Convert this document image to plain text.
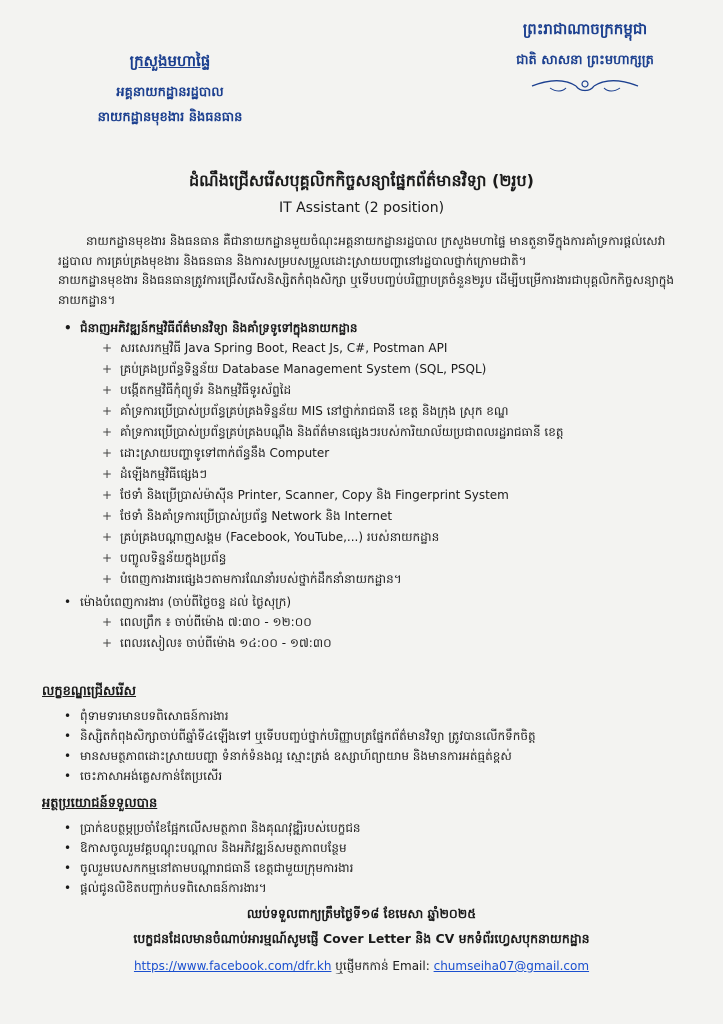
ក្រសួងមហាផ្ទៃ
អគ្គនាយកដ្ឋានរដ្ឋបាល
នាយកដ្ឋានមុខងារ និងធនធាន
ព្រះរាជាណាចក្រកម្ពុជា
ជាតិ សាសនា ព្រះមហាក្សត្រ
ដំណឹងជ្រើសរើសបុគ្គលិកកិច្ចសន្យាផ្នែកព័ត៌មានវិទ្យា (២រូប)
IT Assistant (2 position)

នាយកដ្ឋានមុខងារ និងធនធាន គឺជានាយកដ្ឋានមួយចំណុះអគ្គនាយកដ្ឋានរដ្ឋបាល ក្រសួងមហាផ្ទៃ មានតួនាទីក្នុងការគាំទ្រការផ្តល់សេវារដ្ឋបាល ការគ្រប់គ្រងមុខងារ និងធនធាន និងការសម្របសម្រួលដោះស្រាយបញ្ហានៅរដ្ឋបាលថ្នាក់ក្រោមជាតិ។

នាយកដ្ឋានមុខងារ និងធនធានត្រូវការជ្រើសរើសនិស្សិតកំពុងសិក្សា ឬទើបបញ្ចប់បរិញ្ញាបត្រចំនួន២រូប ដើម្បីបម្រើការងារជាបុគ្គលិកកិច្ចសន្យាក្នុងនាយកដ្ឋាន។

• ជំនាញអភិវឌ្ឍន៍កម្មវិធីព័ត៌មានវិទ្យា និងគាំទ្រទូទៅក្នុងនាយកដ្ឋាន
+ សរសេរកម្មវិធី Java Spring Boot, React Js, C#, Postman API
+ គ្រប់គ្រងប្រព័ន្ធទិន្នន័យ Database Management System (SQL, PSQL)
+ បង្កើតកម្មវិធីកុំព្យូទ័រ និងកម្មវិធីទូរស័ព្ទដៃ
+ គាំទ្រការប្រើប្រាស់ប្រព័ន្ធគ្រប់គ្រងទិន្នន័យ MIS នៅថ្នាក់រាជធានី ខេត្ត និងក្រុង ស្រុក ខណ្ឌ
+ គាំទ្រការប្រើប្រាស់ប្រព័ន្ធគ្រប់គ្រងបណ្តឹង និងព័ត៌មានផ្សេងៗរបស់ការិយាល័យប្រជាពលរដ្ឋរាជធានី ខេត្ត
+ ដោះស្រាយបញ្ហាទូទៅពាក់ព័ន្ធនឹង Computer
+ ដំឡើងកម្មវិធីផ្សេងៗ
+ ថែទាំ និងប្រើប្រាស់ម៉ាស៊ីន Printer, Scanner, Copy និង Fingerprint System
+ ថែទាំ និងគាំទ្រការប្រើប្រាស់ប្រព័ន្ធ Network និង Internet
+ គ្រប់គ្រងបណ្តាញសង្គម (Facebook, YouTube,...) របស់នាយកដ្ឋាន
+ បញ្ចូលទិន្នន័យក្នុងប្រព័ន្ធ
+ បំពេញការងារផ្សេងៗតាមការណែនាំរបស់ថ្នាក់ដឹកនាំនាយកដ្ឋាន។
• ម៉ោងបំពេញការងារ (ចាប់ពីថ្ងៃចន្ទ ដល់ ថ្ងៃសុក្រ)
+ ពេលព្រឹក ៖ ចាប់ពីម៉ោង ៧:៣០ - ១២:០០
+ ពេលរសៀល៖ ចាប់ពីម៉ោង ១៤:០០ - ១៧:៣០
លក្ខខណ្ឌជ្រើសរើស
• ពុំទាមទារមានបទពិសោធន៍ការងារ
• និស្សិតកំពុងសិក្សាចាប់ពីឆ្នាំទី៤ឡើងទៅ ឬទើបបញ្ចប់ថ្នាក់បរិញ្ញាបត្រផ្នែកព័ត៌មានវិទ្យា ត្រូវបានលើកទឹកចិត្ត
• មានសមត្ថភាពដោះស្រាយបញ្ហា ទំនាក់ទំនងល្អ ស្មោះត្រង់ ឧស្សាហ៍ព្យាយាម និងមានការអត់ធ្មត់ខ្ពស់
• ចេះភាសាអង់គ្លេសកាន់តែប្រសើរ
អត្ថប្រយោជន៍ទទួលបាន
• ប្រាក់ឧបត្ថម្ភប្រចាំខែផ្អែកលើសមត្ថភាព និងគុណវុឌ្ឍិរបស់បេក្ខជន
• ឱកាសចូលរួមវគ្គបណ្តុះបណ្តាល និងអភិវឌ្ឍន៍សមត្ថភាពបន្ថែម
• ចូលរួមបេសកកម្មនៅតាមបណ្តារាជធានី ខេត្តជាមួយក្រុមការងារ
• ផ្តល់ជូនលិខិតបញ្ជាក់បទពិសោធន៍ការងារ។
ឈប់ទទួលពាក្យត្រឹមថ្ងៃទី១៨ ខែមេសា ឆ្នាំ២០២៥
បេក្ខជនដែលមានចំណាប់អារម្មណ៍សូមផ្ញើ Cover Letter និង CV មកទំព័រហ្វេសបុកនាយកដ្ឋាន
https://www.facebook.com/dfr.kh ឬផ្ញើមកកាន់ Email: chumseiha07@gmail.com
